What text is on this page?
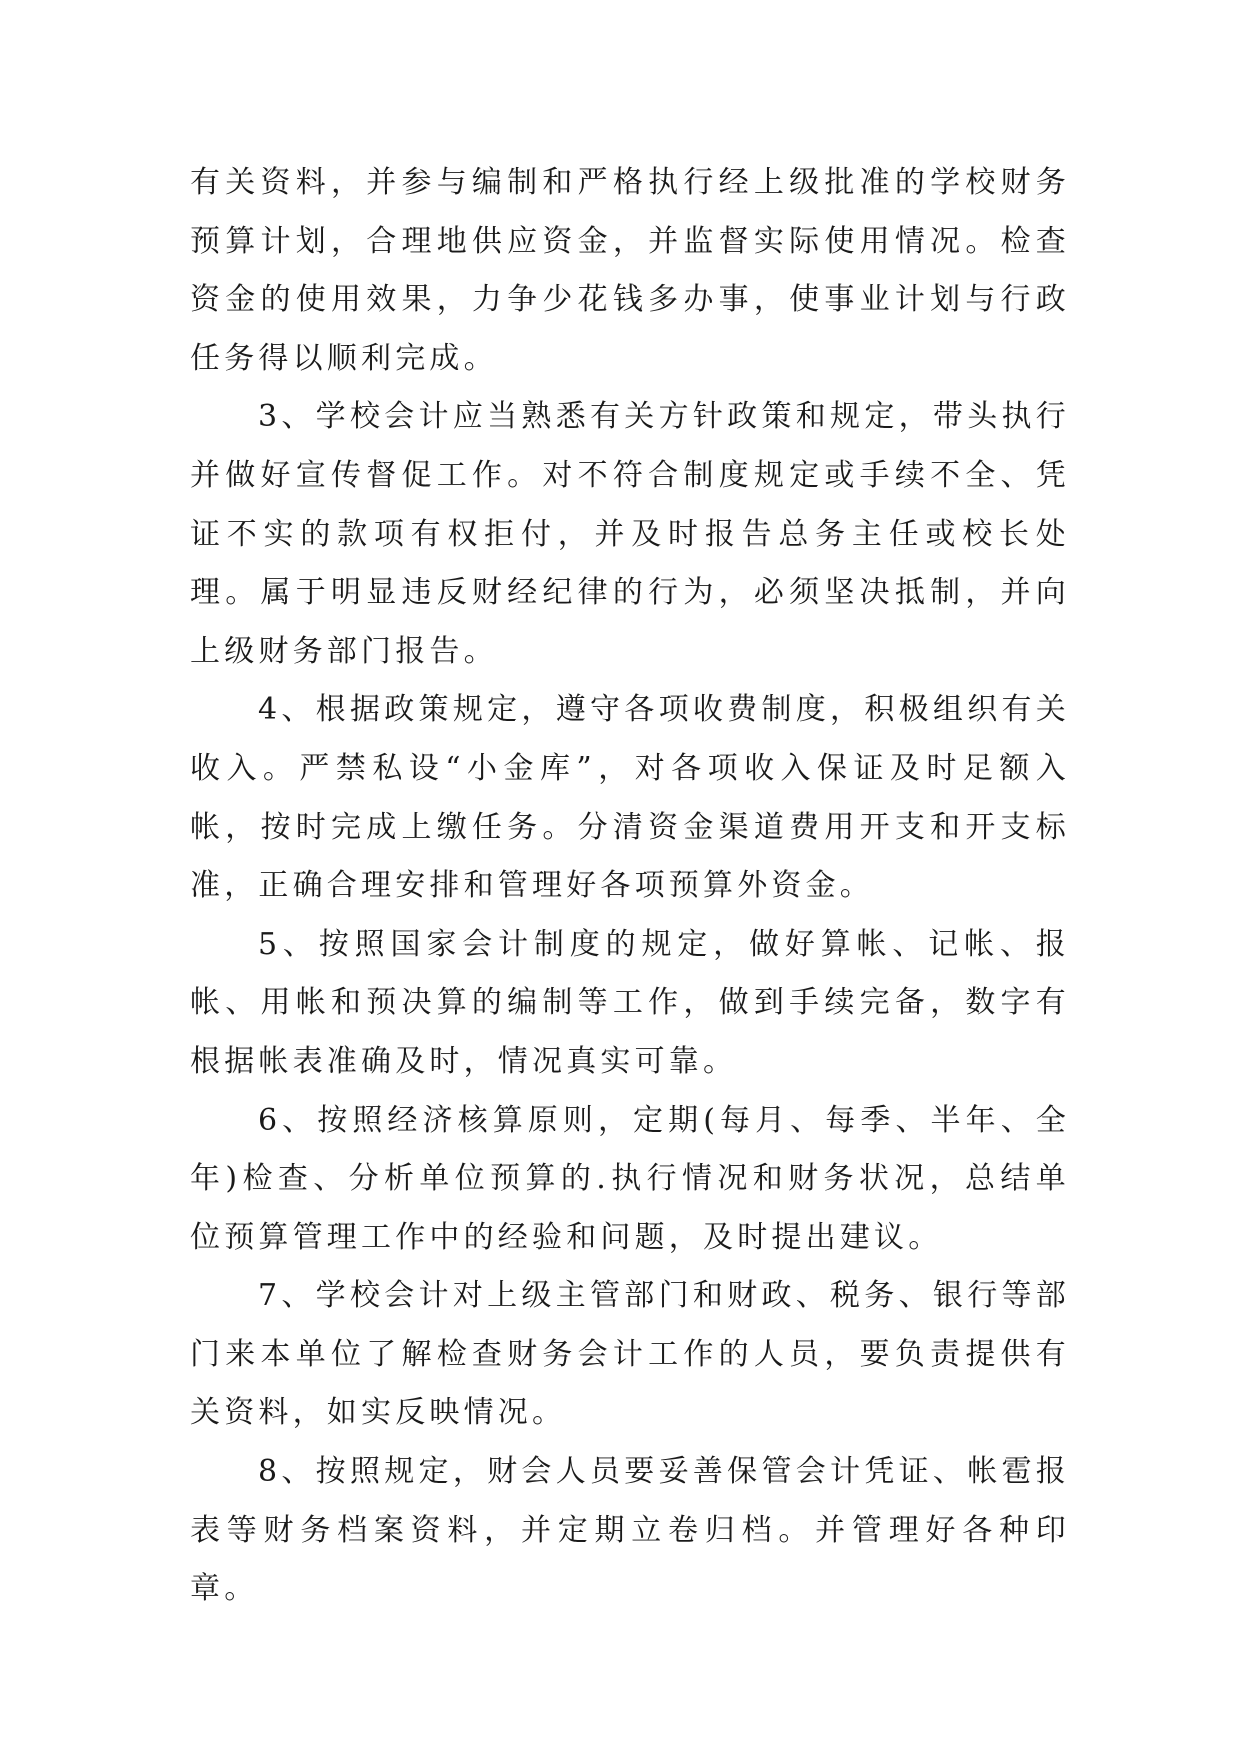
有关资料，并参与编制和严格执行经上级批准的学校财务预算计划，合理地供应资金，并监督实际使用情况。检查资金的使用效果，力争少花钱多办事，使事业计划与行政任务得以顺利完成。

3、学校会计应当熟悉有关方针政策和规定，带头执行并做好宣传督促工作。对不符合制度规定或手续不全、凭证不实的款项有权拒付，并及时报告总务主任或校长处理。属于明显违反财经纪律的行为，必须坚决抵制，并向上级财务部门报告。

4、根据政策规定，遵守各项收费制度，积极组织有关收入。严禁私设“小金库”，对各项收入保证及时足额入帐，按时完成上缴任务。分清资金渠道费用开支和开支标准，正确合理安排和管理好各项预算外资金。

5、按照国家会计制度的规定，做好算帐、记帐、报帐、用帐和预决算的编制等工作，做到手续完备，数字有根据帐表准确及时，情况真实可靠。

6、按照经济核算原则，定期(每月、每季、半年、全年)检查、分析单位预算的.执行情况和财务状况，总结单位预算管理工作中的经验和问题，及时提出建议。

7、学校会计对上级主管部门和财政、税务、银行等部门来本单位了解检查财务会计工作的人员，要负责提供有关资料，如实反映情况。

8、按照规定，财会人员要妥善保管会计凭证、帐雹报表等财务档案资料，并定期立卷归档。并管理好各种印章。
